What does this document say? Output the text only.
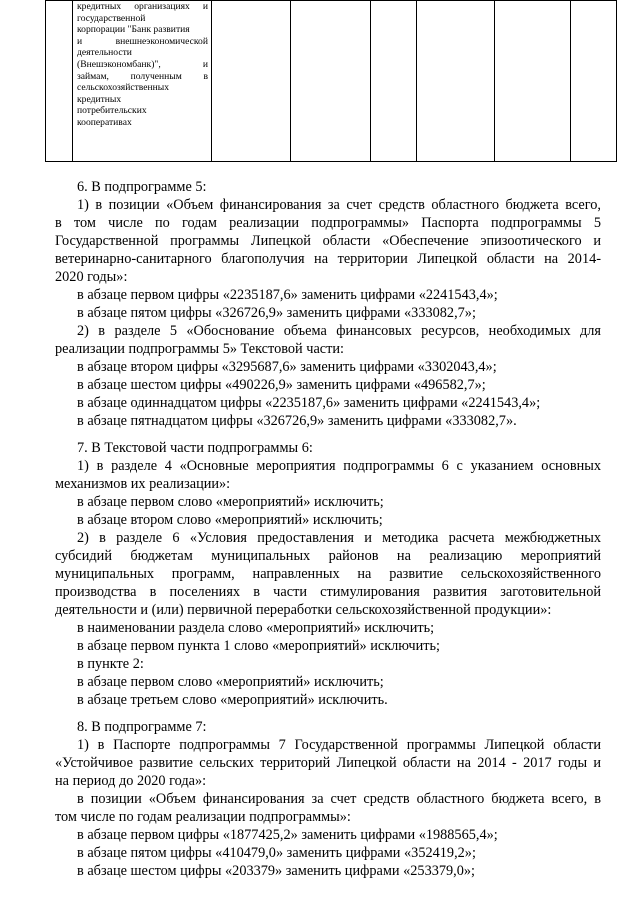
кредитных организациях и
государственной
корпорации "Банк развития
и внешнеэкономической
деятельности
(Внешэкономбанк)", и
займам, полученным в
сельскохозяйственных
кредитных
потребительских
кооперативах

6. В подпрограмме 5:
1) в позиции «Объем финансирования за счет средств областного бюджета всего,
в том числе по годам реализации подпрограммы» Паспорта подпрограммы 5
Государственной программы Липецкой области «Обеспечение эпизоотического и
ветеринарно-санитарного благополучия на территории Липецкой области на 2014-
2020 годы»:
в абзаце первом цифры «2235187,6» заменить цифрами «2241543,4»;
в абзаце пятом цифры «326726,9» заменить цифрами «333082,7»;
2) в разделе 5 «Обоснование объема финансовых ресурсов, необходимых для
реализации подпрограммы 5» Текстовой части:
в абзаце втором цифры «3295687,6» заменить цифрами «3302043,4»;
в абзаце шестом цифры «490226,9» заменить цифрами «496582,7»;
в абзаце одиннадцатом цифры «2235187,6» заменить цифрами «2241543,4»;
в абзаце пятнадцатом цифры «326726,9» заменить цифрами «333082,7».
7. В Текстовой части подпрограммы 6:
1) в разделе 4 «Основные мероприятия подпрограммы 6 с указанием основных
механизмов их реализации»:
в абзаце первом слово «мероприятий» исключить;
в абзаце втором слово «мероприятий» исключить;
2) в разделе 6 «Условия предоставления и методика расчета межбюджетных
субсидий бюджетам муниципальных районов на реализацию мероприятий
муниципальных программ, направленных на развитие сельскохозяйственного
производства в поселениях в части стимулирования развития заготовительной
деятельности и (или) первичной переработки сельскохозяйственной продукции»:
в наименовании раздела слово «мероприятий» исключить;
в абзаце первом пункта 1 слово «мероприятий» исключить;
в пункте 2:
в абзаце первом слово «мероприятий» исключить;
в абзаце третьем слово «мероприятий» исключить.
8. В подпрограмме 7:
1) в Паспорте подпрограммы 7 Государственной программы Липецкой области
«Устойчивое развитие сельских территорий Липецкой области на 2014 - 2017 годы и
на период до 2020 года»:
в позиции «Объем финансирования за счет средств областного бюджета всего, в
том числе по годам реализации подпрограммы»:
в абзаце первом цифры «1877425,2» заменить цифрами «1988565,4»;
в абзаце пятом цифры «410479,0» заменить цифрами «352419,2»;
в абзаце шестом цифры «203379» заменить цифрами «253379,0»;
